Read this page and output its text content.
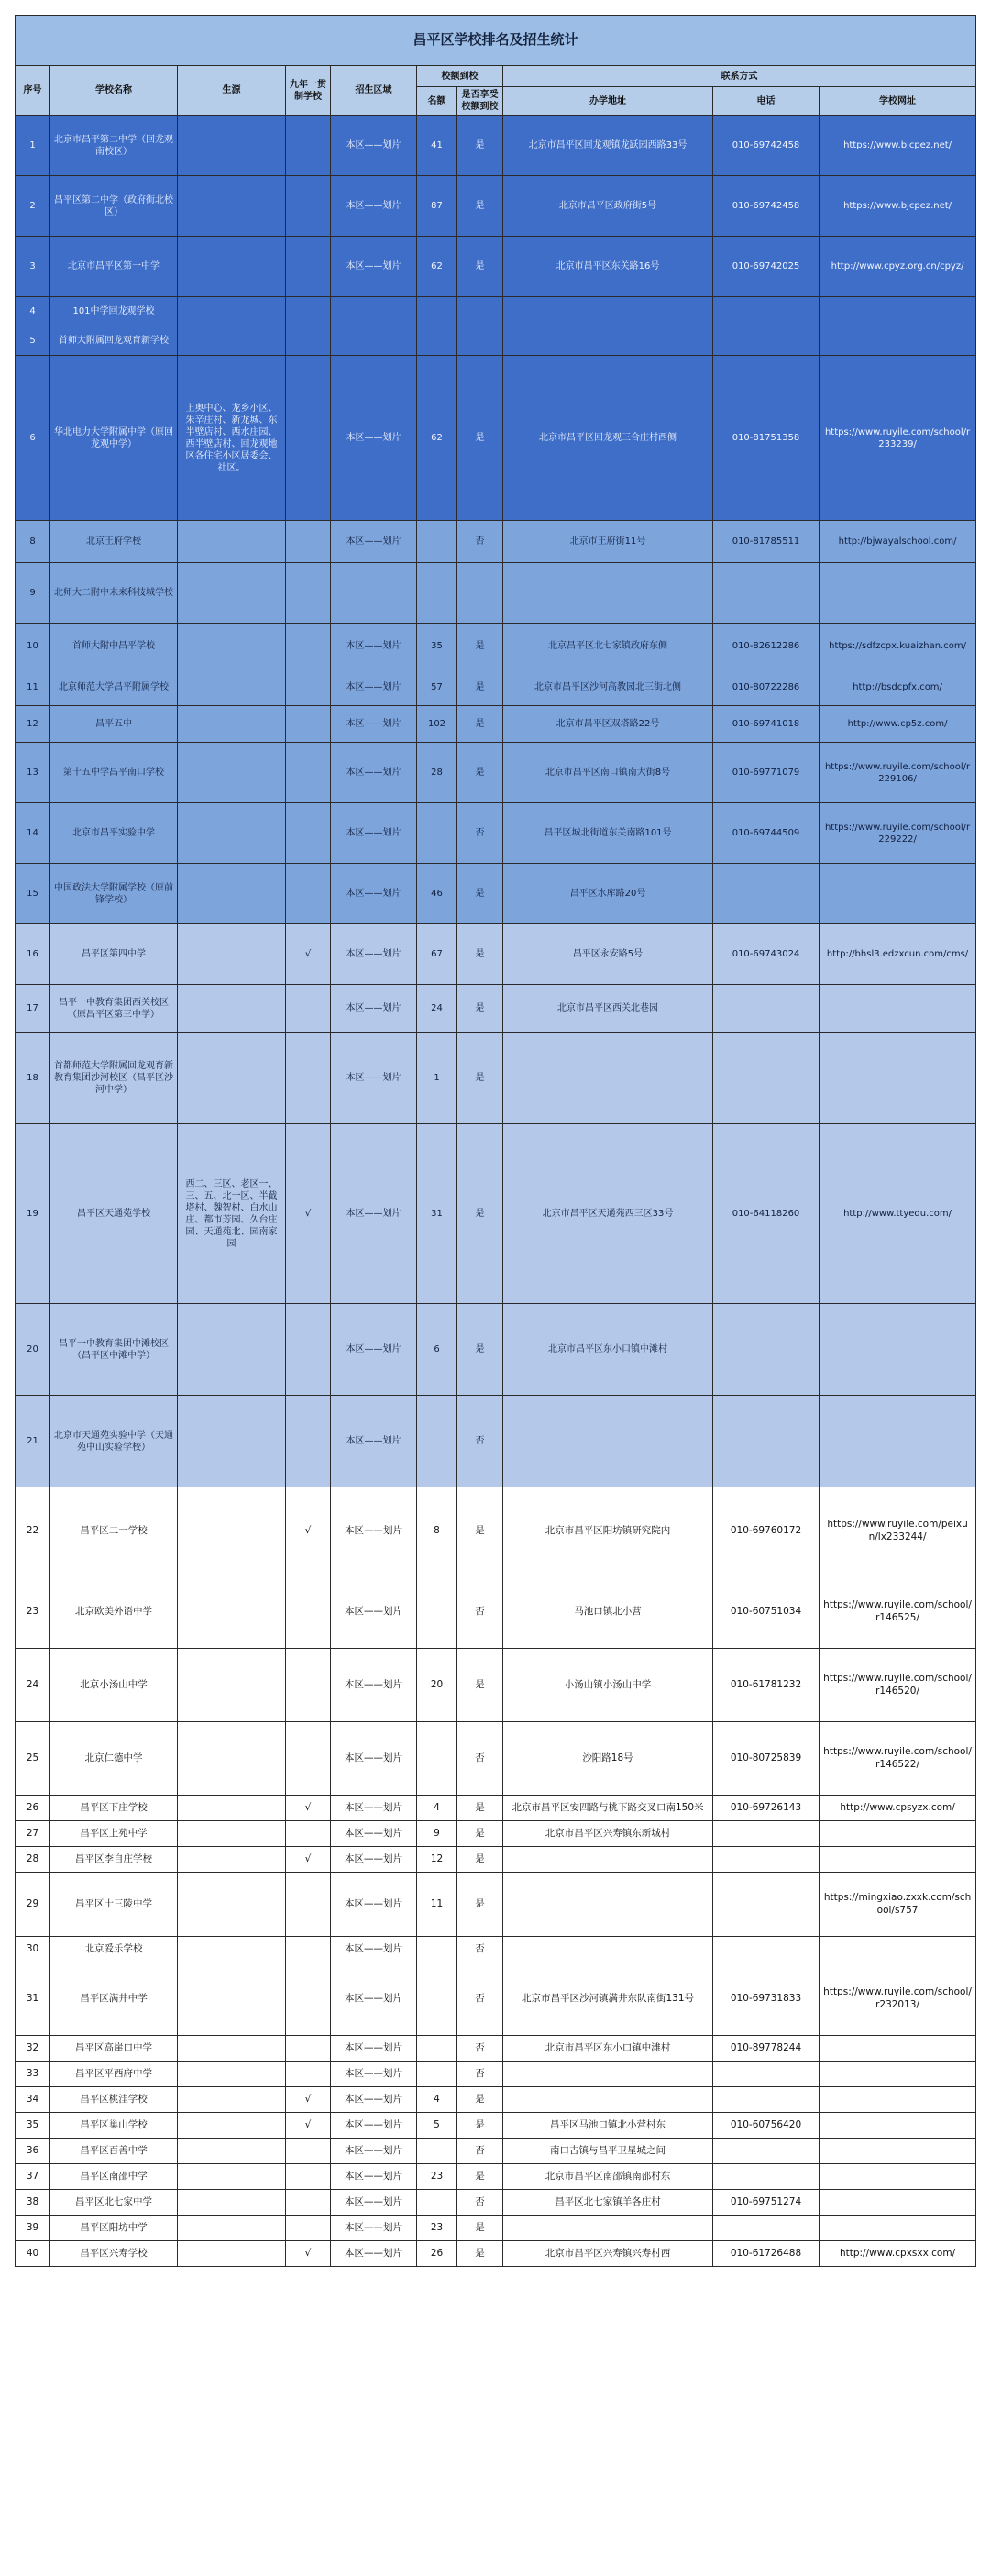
昌平区学校排名及招生统计									
序号	学校名称	生源	九年一贯制学校	招生区域	校额到校		联系方式		
					名额	是否享受校额到校	办学地址	电话	学校网址
1	北京市昌平第二中学（回龙观南校区）			本区——划片	41	是	北京市昌平区回龙观镇龙跃园西路33号	010-69742458	https://www.bjcpez.net/
2	昌平区第二中学（政府街北校区）			本区——划片	87	是	北京市昌平区政府街5号	010-69742458	https://www.bjcpez.net/
3	北京市昌平区第一中学			本区——划片	62	是	北京市昌平区东关路16号	010-69742025	http://www.cpyz.org.cn/cpyz/
4	101中学回龙观学校								
5	首师大附属回龙观育新学校								
6	华北电力大学附属中学（原回龙观中学）	上奥中心、龙乡小区、朱辛庄村、新龙城、东半壁店村、西水庄园、西半壁店村、回龙观地区各住宅小区居委会、社区。		本区——划片	62	是	北京市昌平区回龙观三合庄村西侧	010-81751358	https://www.ruyile.com/school/r233239/
8	北京王府学校			本区——划片		否	北京市王府街11号	010-81785511	http://bjwayalschool.com/
9	北师大二附中未来科技城学校								
10	首师大附中昌平学校			本区——划片	35	是	北京昌平区北七家镇政府东侧	010-82612286	https://sdfzcpx.kuaizhan.com/
11	北京师范大学昌平附属学校			本区——划片	57	是	北京市昌平区沙河高教园北三街北侧	010-80722286	http://bsdcpfx.com/
12	昌平五中			本区——划片	102	是	北京市昌平区双塔路22号	010-69741018	http://www.cp5z.com/
13	第十五中学昌平南口学校			本区——划片	28	是	北京市昌平区南口镇南大街8号	010-69771079	https://www.ruyile.com/school/r229106/
14	北京市昌平实验中学			本区——划片		否	昌平区城北街道东关南路101号	010-69744509	https://www.ruyile.com/school/r229222/
15	中国政法大学附属学校（原前锋学校）			本区——划片	46	是	昌平区水库路20号		
16	昌平区第四中学		√	本区——划片	67	是	昌平区永安路5号	010-69743024	http://bhsl3.edzxcun.com/cms/
17	昌平一中教育集团西关校区（原昌平区第三中学）			本区——划片	24	是	北京市昌平区西关北巷园		
18	首都师范大学附属回龙观育新教育集团沙河校区（昌平区沙河中学）			本区——划片	1	是			
19	昌平区天通苑学校	西二、三区、老区一、三、五、北一区、半截塔村、魏智村、白水山庄、都市芳园、久台庄园、天通苑北、园南家园	√	本区——划片	31	是	北京市昌平区天通苑西三区33号	010-64118260	http://www.ttyedu.com/
20	昌平一中教育集团中滩校区（昌平区中滩中学）			本区——划片	6	是	北京市昌平区东小口镇中滩村		
21	北京市天通苑实验中学（天通苑中山实验学校）			本区——划片		否			
22	昌平区二一学校		√	本区——划片	8	是	北京市昌平区阳坊镇研究院内	010-69760172	https://www.ruyile.com/peixun/lx233244/
23	北京欧美外语中学			本区——划片		否	马池口镇北小营	010-60751034	https://www.ruyile.com/school/r146525/
24	北京小汤山中学			本区——划片	20	是	小汤山镇小汤山中学	010-61781232	https://www.ruyile.com/school/r146520/
25	北京仁德中学			本区——划片		否	沙阳路18号	010-80725839	https://www.ruyile.com/school/r146522/
26	昌平区下庄学校		√	本区——划片	4	是	北京市昌平区安四路与桃下路交叉口南150米	010-69726143	http://www.cpsyzx.com/
27	昌平区上苑中学			本区——划片	9	是	北京市昌平区兴寿镇东新城村		
28	昌平区李自庄学校		√	本区——划片	12	是			
29	昌平区十三陵中学			本区——划片	11	是			https://mingxiao.zxxk.com/school/s757
30	北京爱乐学校			本区——划片		否			
31	昌平区满井中学			本区——划片		否	北京市昌平区沙河镇满井东队南街131号	010-69731833	https://www.ruyile.com/school/r232013/
32	昌平区高崖口中学			本区——划片		否	北京市昌平区东小口镇中滩村	010-89778244	
33	昌平区平西府中学			本区——划片		否			
34	昌平区桃洼学校		√	本区——划片	4	是			
35	昌平区巢山学校		√	本区——划片	5	是	昌平区马池口镇北小营村东	010-60756420	
36	昌平区百善中学			本区——划片		否	南口古镇与昌平卫星城之间		
37	昌平区南邵中学			本区——划片	23	是	北京市昌平区南邵镇南邵村东		
38	昌平区北七家中学			本区——划片		否	昌平区北七家镇羊各庄村	010-69751274	
39	昌平区阳坊中学			本区——划片	23	是			
40	昌平区兴寿学校		√	本区——划片	26	是	北京市昌平区兴寿镇兴寿村西	010-61726488	http://www.cpxsxx.com/
